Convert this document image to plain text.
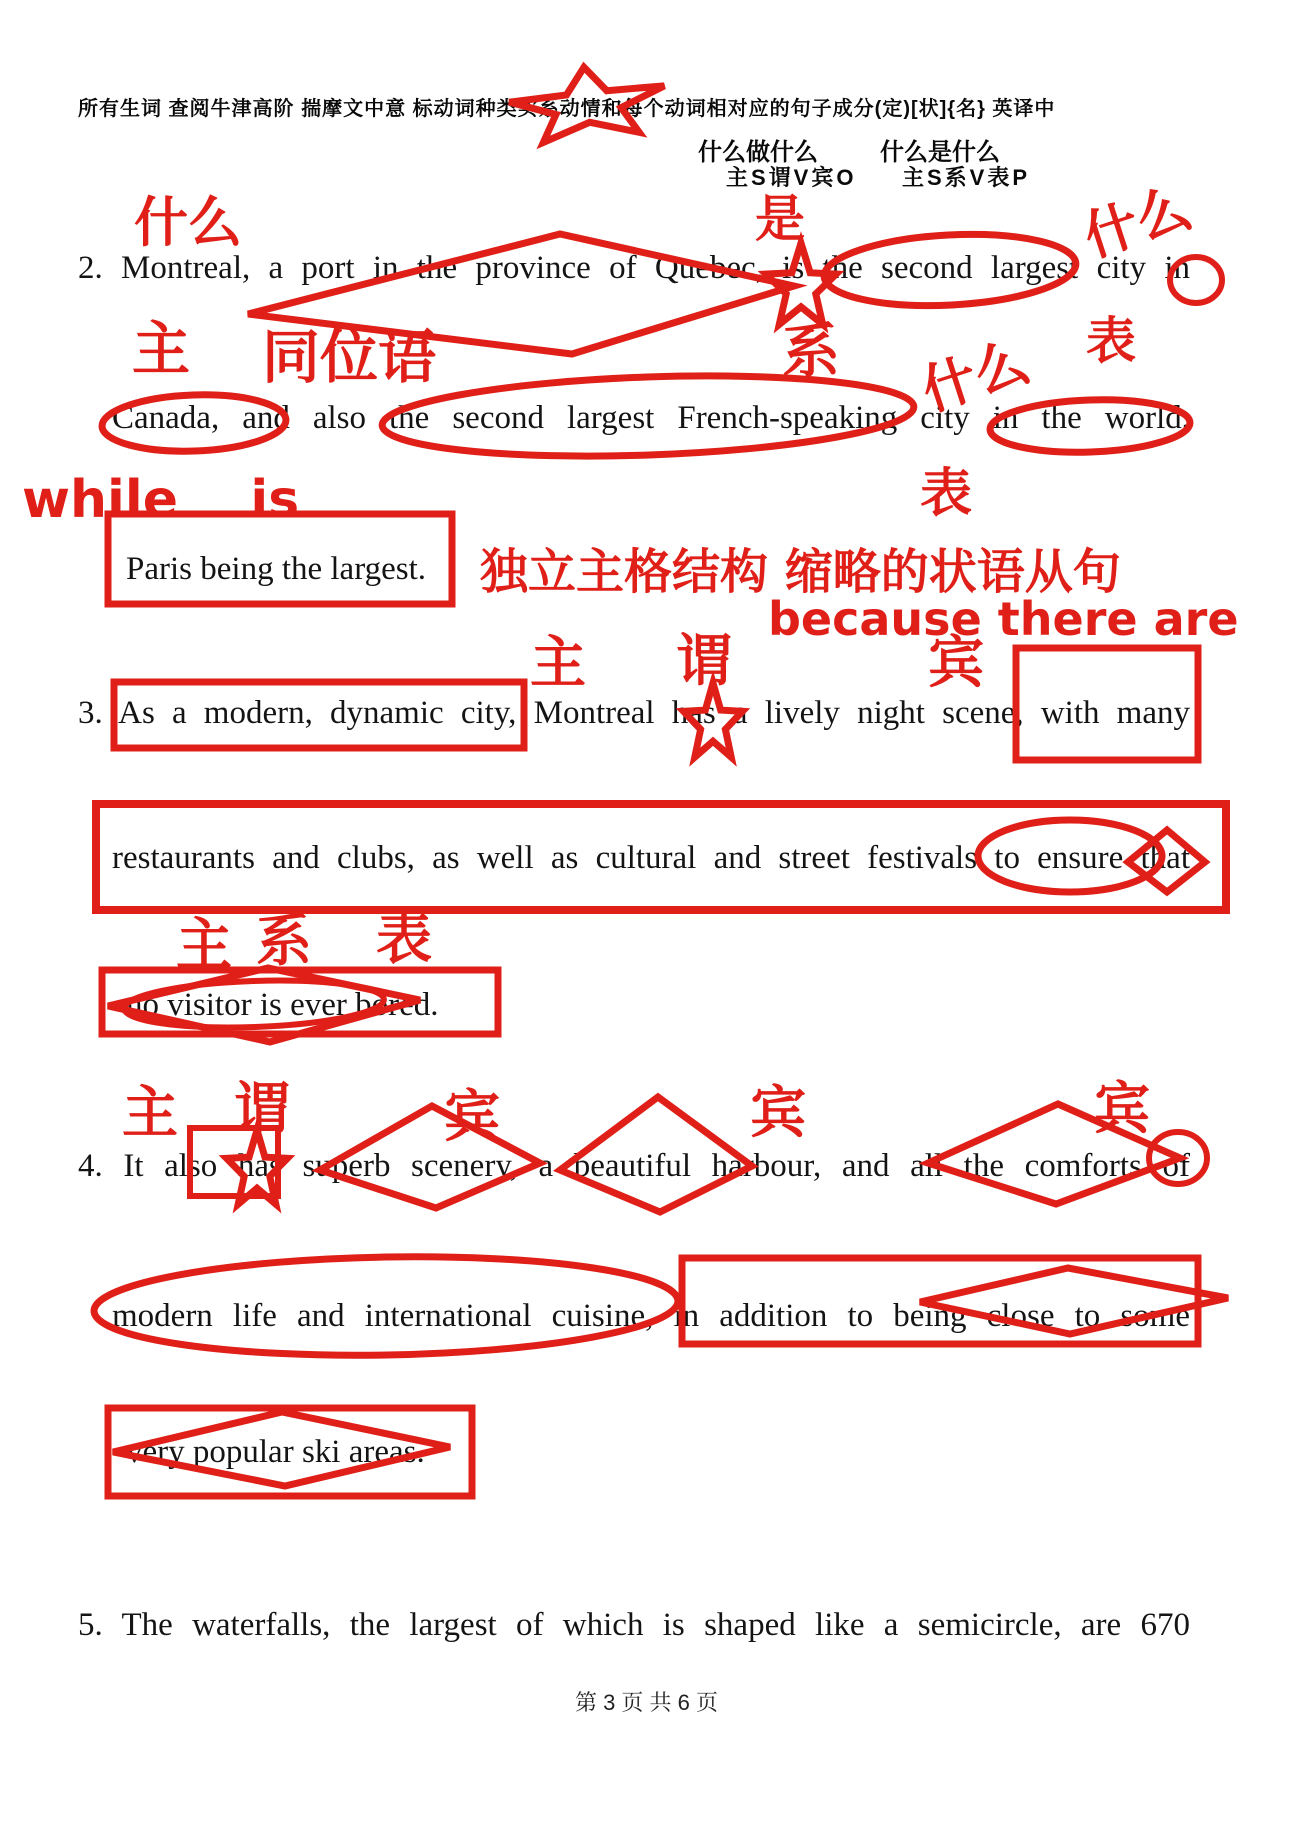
所有生词 查阅牛津高阶 揣摩文中意 标动词种类实系动情和每个动词相对应的句子成分(定)[状]{名} 英译中
什么做什么	什么是什么
主S谓V宾O 主S系V表P
2. Montreal, a port in the province of Quebec, is the second largest city in
Canada, and also the second largest French-speaking city in the world,
Paris being the largest.
3. As a modern, dynamic city, Montreal has a lively night scene, with many
restaurants and clubs, as well as cultural and street festivals to ensure that
no visitor is ever bored.
4. It also has superb scenery, a beautiful harbour, and all the comforts of
modern life and international cuisine, in addition to being close to some
very popular ski areas.
5. The waterfalls, the largest of which is shaped like a semicircle, are 670
第 3 页 共 6 页
什么	是	什么
主 同位语	系	表
什么
表
while    is
独立主格结构 缩略的状语从句
because there are
主 谓	宾
主 系 表
主 谓	宾	宾	宾
